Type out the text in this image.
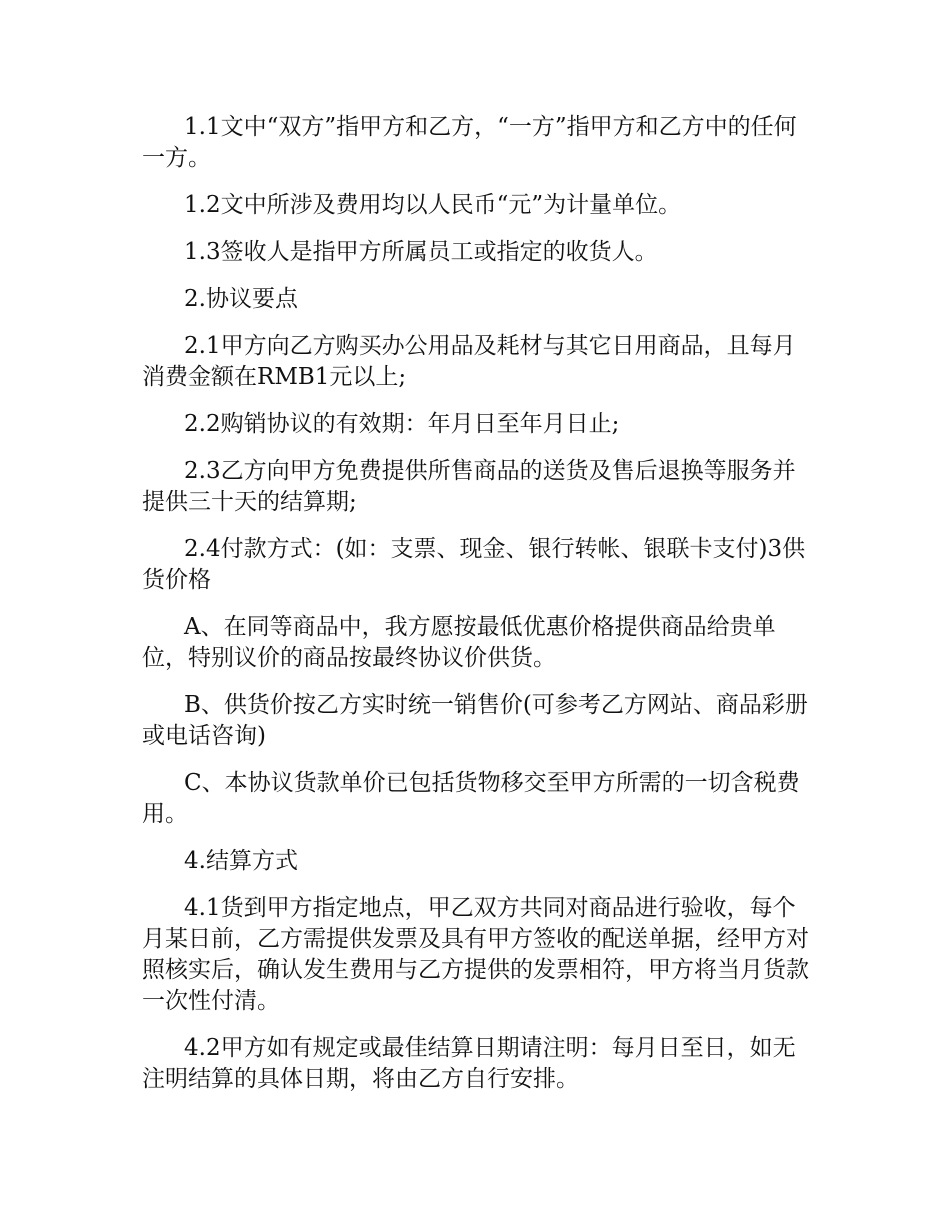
1.1文中“双方”指甲方和乙方，“一方”指甲方和乙方中的任何一方。

1.2文中所涉及费用均以人民币“元”为计量单位。

1.3签收人是指甲方所属员工或指定的收货人。

2.协议要点

2.1甲方向乙方购买办公用品及耗材与其它日用商品，且每月消费金额在RMB1元以上;

2.2购销协议的有效期：年月日至年月日止;

2.3乙方向甲方免费提供所售商品的送货及售后退换等服务并提供三十天的结算期;

2.4付款方式：(如：支票、现金、银行转帐、银联卡支付)3供货价格

A、在同等商品中，我方愿按最低优惠价格提供商品给贵单位，特别议价的商品按最终协议价供货。

B、供货价按乙方实时统一销售价(可参考乙方网站、商品彩册或电话咨询)

C、本协议货款单价已包括货物移交至甲方所需的一切含税费用。

4.结算方式

4.1货到甲方指定地点，甲乙双方共同对商品进行验收，每个月某日前，乙方需提供发票及具有甲方签收的配送单据，经甲方对照核实后，确认发生费用与乙方提供的发票相符，甲方将当月货款一次性付清。

4.2甲方如有规定或最佳结算日期请注明：每月日至日，如无注明结算的具体日期，将由乙方自行安排。
